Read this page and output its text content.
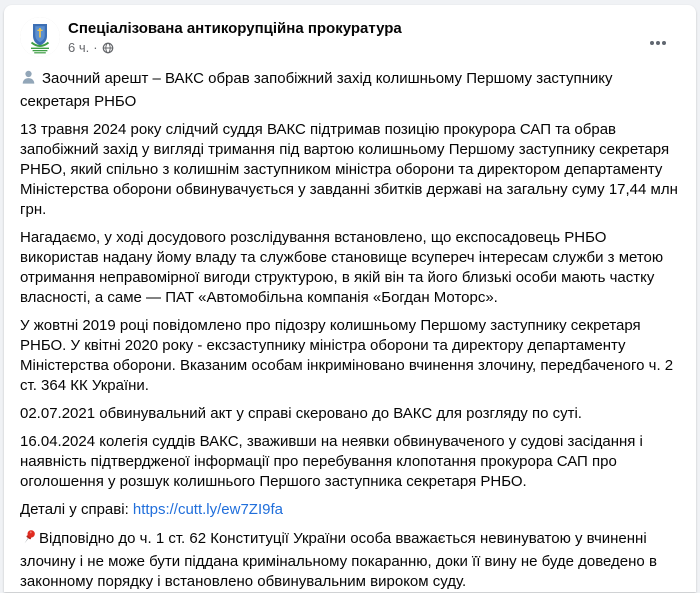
Спеціалізована антикорупційна прокуратура
6 ч. ·

Заочний арешт – ВАКС обрав запобіжний захід колишньому Першому заступнику секретаря РНБО

13 травня 2024 року слідчий суддя ВАКС підтримав позицію прокурора САП та обрав запобіжний захід у вигляді тримання під вартою колишньому Першому заступнику секретаря РНБО, який спільно з колишнім заступником міністра оборони та директором департаменту Міністерства оборони обвинувачується у завданні збитків державі на загальну суму 17,44 млн грн.

Нагадаємо, у ході досудового розслідування встановлено, що експосадовець РНБО використав надану йому владу та службове становище всупереч інтересам служби з метою отримання неправомірної вигоди структурою, в якій він та його близькі особи мають частку власності, а саме — ПАТ «Автомобільна компанія «Богдан Моторс».

У жовтні 2019 році повідомлено про підозру колишньому Першому заступнику секретаря РНБО. У квітні 2020 року - ексзаступнику міністра оборони та директору департаменту Міністерства оборони. Вказаним особам інкриміновано вчинення злочину, передбаченого ч. 2 ст. 364 КК України.

02.07.2021 обвинувальний акт у справі скеровано до ВАКС для розгляду по суті.

16.04.2024 колегія суддів ВАКС, зваживши на неявки обвинуваченого у судові засідання і наявність підтвердженої інформації про перебування клопотання прокурора САП про оголошення у розшук колишнього Першого заступника секретаря РНБО.

Деталі у справі: https://cutt.ly/ew7ZI9fa

Відповідно до ч. 1 ст. 62 Конституції України особа вважається невинуватою у вчиненні злочину і не може бути піддана кримінальному покаранню, доки її вину не буде доведено в законному порядку і встановлено обвинувальним вироком суду.
